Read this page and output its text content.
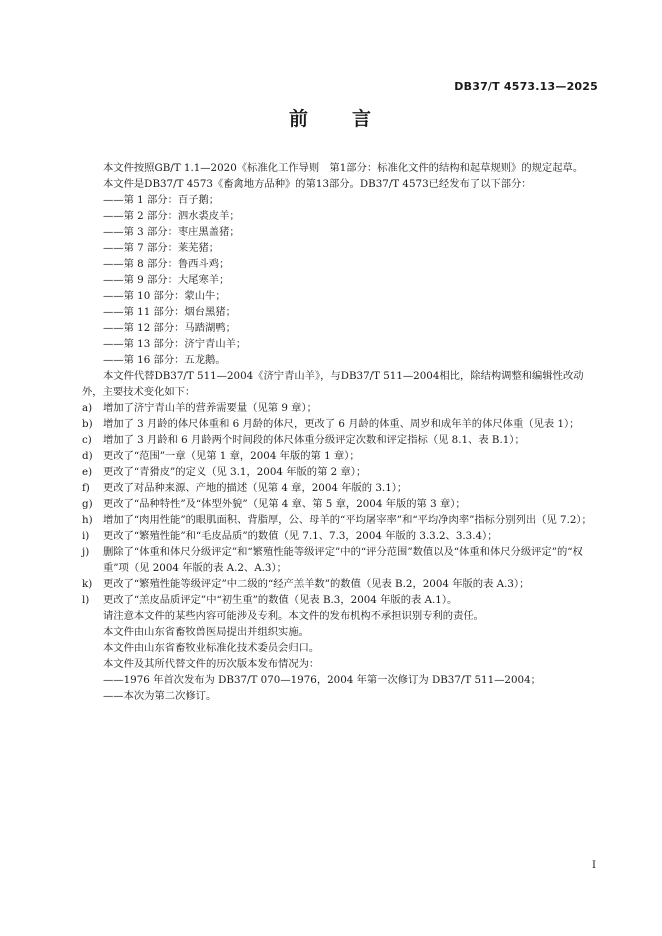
DB37/T 4573.13—2025
前 言

本文件按照GB/T 1.1—2020《标准化工作导则　第1部分：标准化文件的结构和起草规则》的规定起草。

本文件是DB37/T 4573《畜禽地方品种》的第13部分。DB37/T 4573已经发布了以下部分：

——第 1 部分：百子鹅；

——第 2 部分：泗水裘皮羊；

——第 3 部分：枣庄黑盖猪；

——第 7 部分：莱芜猪；

——第 8 部分：鲁西斗鸡；

——第 9 部分：大尾寒羊；

——第 10 部分：蒙山牛；

——第 11 部分：烟台黑猪；

——第 12 部分：马踏湖鸭；

——第 13 部分：济宁青山羊；

——第 16 部分：五龙鹅。

本文件代替DB37/T 511—2004《济宁青山羊》，与DB37/T 511—2004相比，除结构调整和编辑性改动外，主要技术变化如下：

a) 增加了济宁青山羊的营养需要量（见第 9 章）；
b) 增加了 3 月龄的体尺体重和 6 月龄的体尺，更改了 6 月龄的体重、周岁和成年羊的体尺体重（见表 1）；
c) 增加了 3 月龄和 6 月龄两个时间段的体尺体重分级评定次数和评定指标（见 8.1、表 B.1）；
d) 更改了“范围”一章（见第 1 章，2004 年版的第 1 章）；
e) 更改了“青猾皮”的定义（见 3.1，2004 年版的第 2 章）；
f) 更改了对品种来源、产地的描述（见第 4 章，2004 年版的 3.1）；
g) 更改了“品种特性”及“体型外貌”（见第 4 章、第 5 章，2004 年版的第 3 章）；
h) 增加了“肉用性能”的眼肌面积、背脂厚，公、母羊的“平均屠宰率”和“平均净肉率”指标分别列出（见 7.2）；
i) 更改了“繁殖性能”和“毛皮品质”的数值（见 7.1、7.3，2004 年版的 3.3.2、3.3.4）；
j) 删除了“体重和体尺分级评定”和“繁殖性能等级评定”中的“评分范围”数值以及“体重和体尺分级评定”的“权重”项（见 2004 年版的表 A.2、A.3）；
k) 更改了“繁殖性能等级评定”中二级的“经产羔羊数”的数值（见表 B.2，2004 年版的表 A.3）；
l) 更改了“羔皮品质评定”中“初生重”的数值（见表 B.3，2004 年版的表 A.1）。

请注意本文件的某些内容可能涉及专利。本文件的发布机构不承担识别专利的责任。

本文件由山东省畜牧兽医局提出并组织实施。

本文件由山东省畜牧业标准化技术委员会归口。

本文件及其所代替文件的历次版本发布情况为：

——1976 年首次发布为 DB37/T 070—1976，2004 年第一次修订为 DB37/T 511—2004；

——本次为第二次修订。

I
